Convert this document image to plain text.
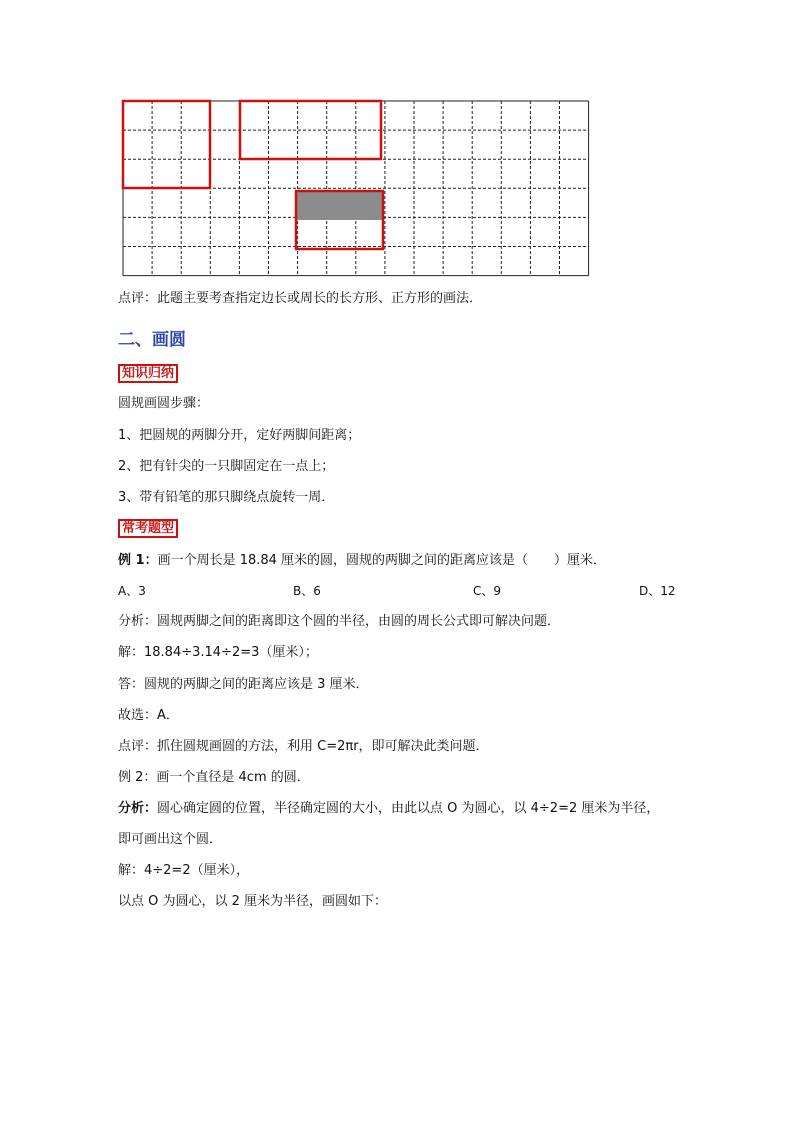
点评：此题主要考查指定边长或周长的长方形、正方形的画法．
二、画圆
知识归纳
圆规画圆步骤：
1、把圆规的两脚分开，定好两脚间距离；
2、把有针尖的一只脚固定在一点上；
3、带有铅笔的那只脚绕点旋转一周．
常考题型
例 1：画一个周长是 18.84 厘米的圆，圆规的两脚之间的距离应该是（　　）厘米．
A、3	B、6	C、9	D、12
分析：圆规两脚之间的距离即这个圆的半径，由圆的周长公式即可解决问题．
解：18.84÷3.14÷2=3（厘米）；
答：圆规的两脚之间的距离应该是 3 厘米．
故选：A．
点评：抓住圆规画圆的方法，利用 C=2πr，即可解决此类问题．
例 2：画一个直径是 4cm 的圆．
分析：圆心确定圆的位置，半径确定圆的大小，由此以点 O 为圆心，以 4÷2=2 厘米为半径，
即可画出这个圆．
解：4÷2=2（厘米），
以点 O 为圆心，以 2 厘米为半径，画圆如下：
